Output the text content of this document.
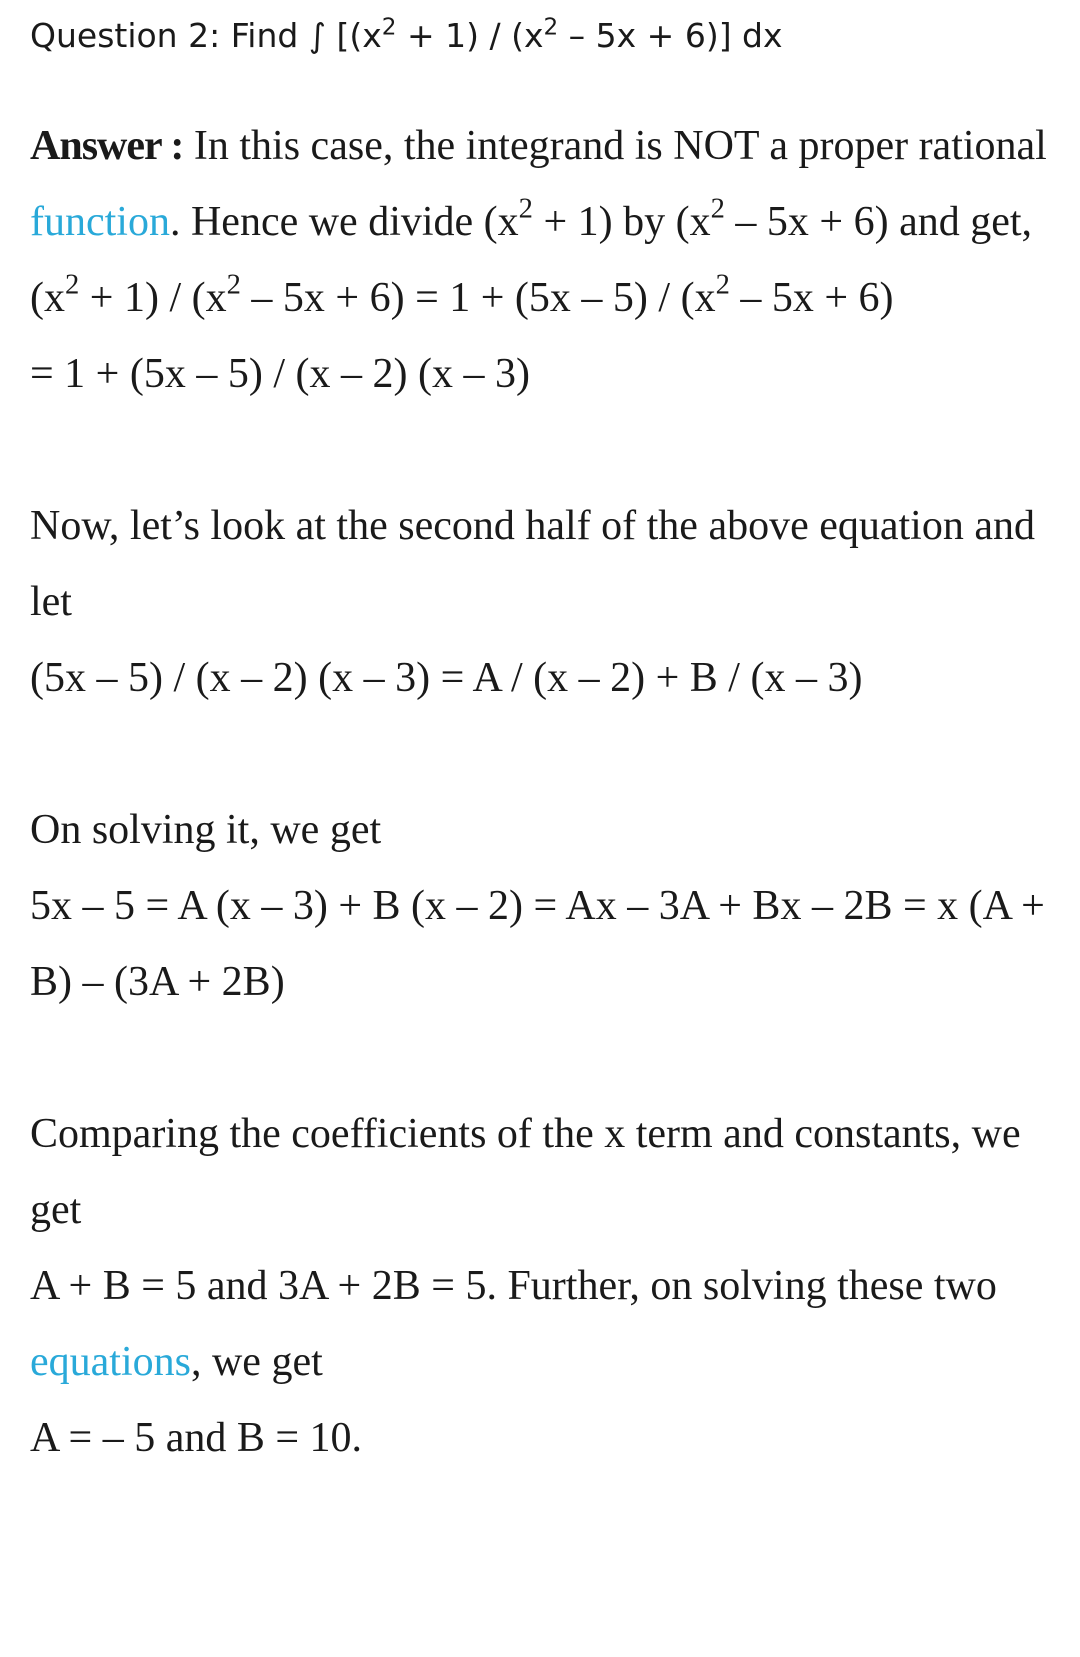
Question 2: Find ∫ $[(x^2 + 1) / (x^2 - 5x + 6)]$ dx

Answer : In this case, the integrand is NOT a proper rational function. Hence we divide $(x^2 + 1)$ by $(x^2 - 5x + 6)$ and get,

$(x^2 + 1) / (x^2 - 5x + 6) = 1 + (5x - 5) / (x^2 - 5x + 6)$

= 1 + (5x – 5) / (x – 2) (x – 3)

Now, let’s look at the second half of the above equation and let

(5x – 5) / (x – 2) (x – 3) = A / (x – 2) + B / (x – 3)

On solving it, we get

5x – 5 = A (x – 3) + B (x – 2) = Ax – 3A + Bx – 2B = x (A + B) – (3A + 2B)

Comparing the coefficients of the x term and constants, we get

A + B = 5 and 3A + 2B = 5. Further, on solving these two equations, we get

A = – 5 and B = 10.
